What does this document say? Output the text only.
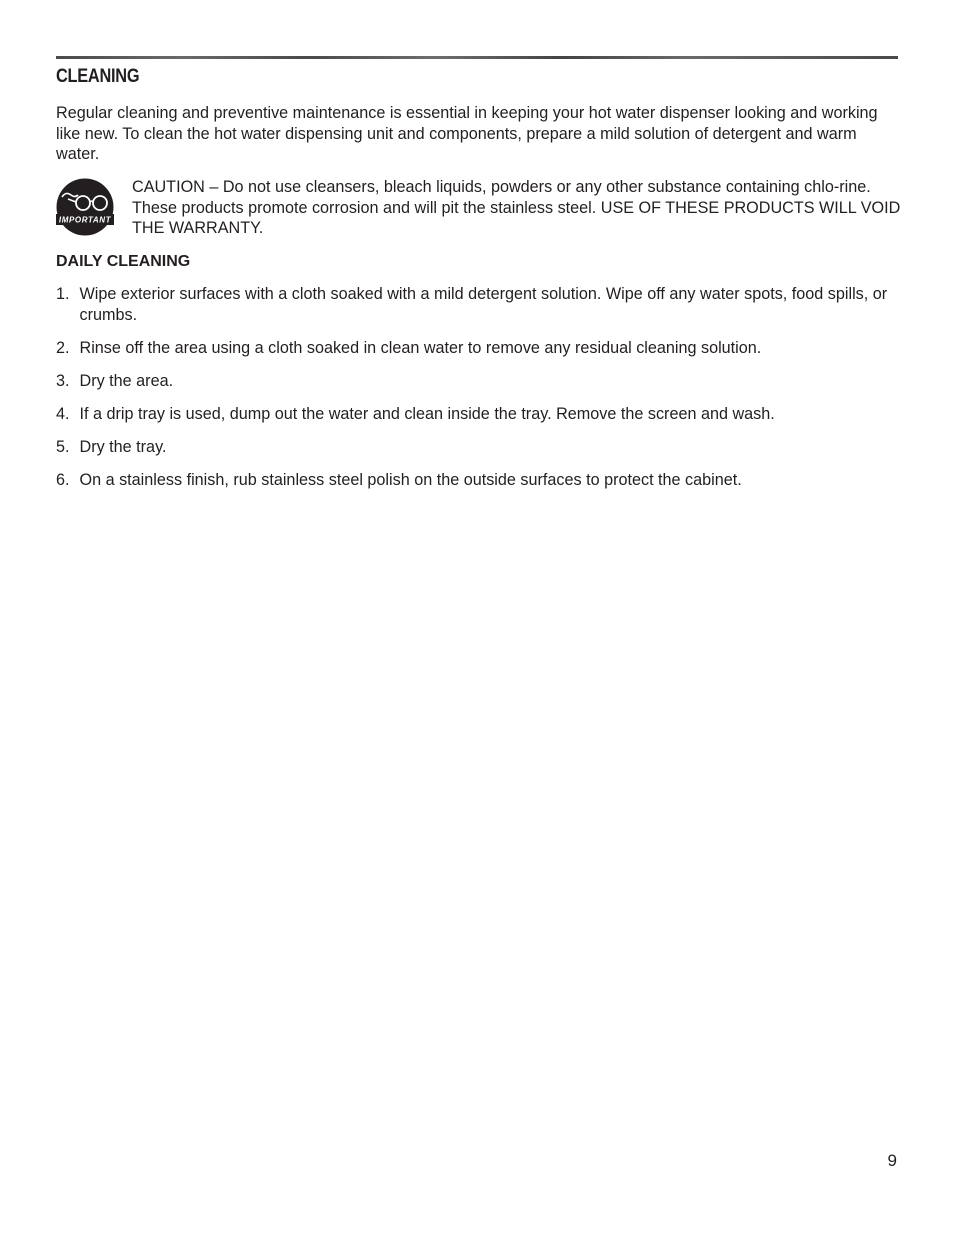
CLEANING

Regular cleaning and preventive maintenance is essential in keeping your hot water dispenser looking and working like new. To clean the hot water dispensing unit and components, prepare a mild solution of detergent and warm water.

IMPORTANT

CAUTION – Do not use cleansers, bleach liquids, powders or any other substance containing chlo-rine. These products promote corrosion and will pit the stainless steel. USE OF THESE PRODUCTS WILL VOID THE WARRANTY.

DAILY CLEANING
1. Wipe exterior surfaces with a cloth soaked with a mild detergent solution. Wipe off any water spots, food spills, or crumbs.
2. Rinse off the area using a cloth soaked in clean water to remove any residual cleaning solution.
3. Dry the area.
4. If a drip tray is used, dump out the water and clean inside the tray. Remove the screen and wash.
5. Dry the tray.
6. On a stainless finish, rub stainless steel polish on the outside surfaces to protect the cabinet.
9
